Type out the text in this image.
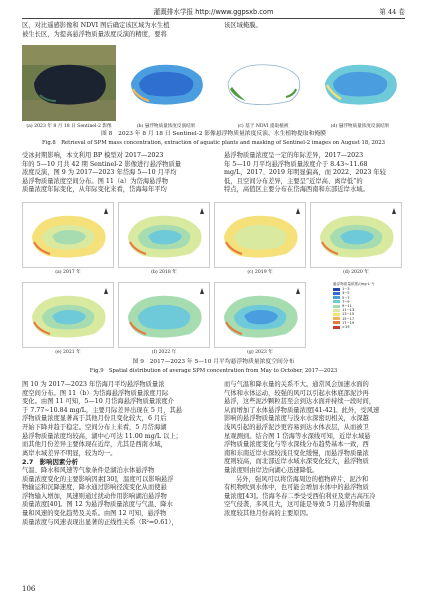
灌溉排水学报 http://www.ggpsxb.com	第 44 卷
区，对比遥感影像和 NDVI 图后确定该区域为水生植
被生长区，为提高悬浮物质量浓度反演的精度，要将
该区域掩膜。
(a) 2023 年 8 月 18 日 Sentinel-2 影像	(b) 悬浮物质量浓度反演结果	(c) 基于 NDVI 提取植被	(d) 悬浮物质量浓度反演结果
图 8　2023 年 8 月 18 日 Sentinel-2 影像悬浮物质量浓度反演、水生植物提取和掩膜
Fig.8　Retrieval of SPM mass concentration, extraction of aquatic plants and masking of Sentinel-2 images on August 18, 2023
受冰封期影响，本文利用 BP 模型对 2017—2023
年的 5—10 月共 42 期 Sentinel-2 影像进行悬浮物质量
浓度反演，图 9 为 2017—2023 年岱海 5—10 月平均
悬浮物质量浓度空间分布。图 11（a）为岱海悬浮物
质量浓度年际变化，从年际变化来看，岱海每年平均
悬浮物质量浓度呈一定的年际差异，2017—2023
年 5—10 月平均悬浮物质量浓度介于 8.43~11.68
mg/L，2017、2019 年明显偏高，而 2022、2023 年较
低，且空间分布差异，主要呈“近岸高、离岸低”的
特点，高值区主要分布在岱海西南和东部近岸水域。
(a) 2017 年	(b) 2018 年	(c) 2019 年	(d) 2020 年
(e) 2021 年	(f) 2022 年	(g) 2023 年
悬浮物质量浓度/(mg·L⁻¹)
1~3
3~5
5~7
7~9
9~11
11~13
13~15
15~17
17~19
>19
图 9　2017—2023 年 5—10 月平均悬浮物质量浓度空间分布
Fig.9　Spatial distribution of average SPM concentration from May to October, 2017—2023
图 10 为 2017—2023 年岱海月平均悬浮物质量浓
度空间分布。图 11（b）为岱海悬浮物质量浓度月际
变化。由图 11 可知，5—10 月岱海悬浮物质量浓度介
于 7.77~10.84 mg/L，主要月际差异出现在 5 月，其悬
浮物质量浓度显著高于其他月份且变化较大，6 月后
开始下降并趋于稳定。空间分布上来看，5 月岱海湖
悬浮物质量浓度均较高，湖中心可达 11.00 mg/L 以上；
而其他月份差异主要体现在近岸，尤其是西南水域，
离岸水域差异不明显，较为均一。
2.7　影响因素分析
气温、降水和风速等气象条件是湖泊水体悬浮物
质量浓度变化的主要影响因素[30]，温度可以影响悬浮
物输运和沉降速度，降水通过影响径流变化从而使悬
浮物输入增加，风速则通过扰动作用影响湖泊悬浮物
质量浓度[40]。图 12 为悬浮物质量浓度与气温、降水
量和风速的变化趋势及关系。由图 12 可知，悬浮物
质量浓度与风速表现出显著的正线性关系（R²=0.61），
而与气温和降水量的关系不大。通常风会加速水面的
气体和水体运动，较强的风可以引起水体底部泥沙再
悬浮，这些泥沙颗粒甚至会到达水面并持续一段时间，
从而增加了水体悬浮物质量浓度[41-42]。此外，受风速
影响的悬浮物质量浓度与浅水水深密切相关，水深越
浅风引起的悬浮泥沙更容易到达水体表层，从而被卫
星观测到。结合图 1 岱海等水深线可知，近岸水域悬
浮物质量浓度变化与等水深线分布趋势基本一致，西
南和东南近岸水深较浅且变化缓慢，而悬浮物质量浓
度则较高，而北部近岸水域水深变化较大，悬浮物质
量浓度则由岸边向湖心迅速降低。
另外，强风可以将岱海周边的植物碎片、泥沙和
有机物吹到水体中，也可能会增加水体中的悬浮物质
量浓度[43]。岱海冬春二季受受西伯利亚及蒙古高压冷
空气侵袭，多风且大，这可能是导致 5 月悬浮物质量
浓度较其他月份高的主要原因。
106
